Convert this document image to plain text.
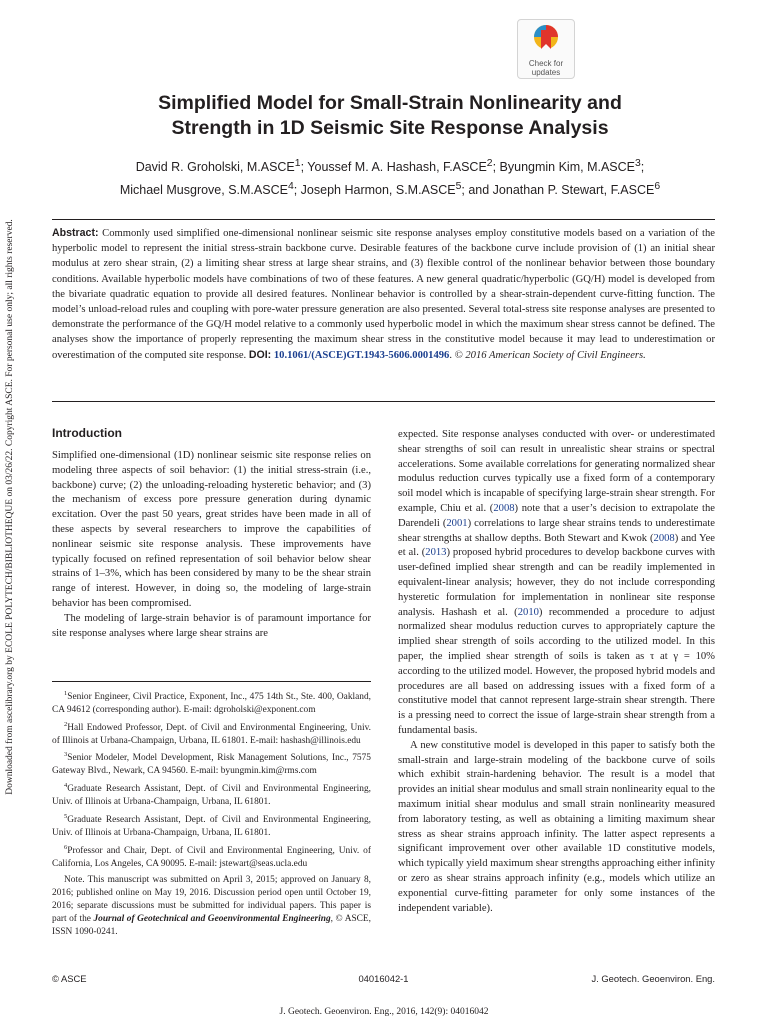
Downloaded from ascelibrary.org by ECOLE POLYTECH/BIBLIOTHEQUE on 03/26/22. Copyright ASCE. For personal use only; all rights reserved.
Check for
updates
Simplified Model for Small-Strain Nonlinearity and
Strength in 1D Seismic Site Response Analysis
David R. Groholski, M.ASCE$^1$; Youssef M. A. Hashash, F.ASCE$^2$; Byungmin Kim, M.ASCE$^3$;
Michael Musgrove, S.M.ASCE$^4$; Joseph Harmon, S.M.ASCE$^5$; and Jonathan P. Stewart, F.ASCE$^6$

Abstract: Commonly used simplified one-dimensional nonlinear seismic site response analyses employ constitutive models based on a variation of the hyperbolic model to represent the initial stress-strain backbone curve. Desirable features of the backbone curve include provision of (1) an initial shear modulus at zero shear strain, (2) a limiting shear stress at large shear strains, and (3) flexible control of the nonlinear behavior between those boundary conditions. Available hyperbolic models have combinations of two of these features. A new general quadratic/hyperbolic (GQ/H) model is developed from the bivariate quadratic equation to provide all desired features. Nonlinear behavior is controlled by a shear-strain-dependent curve-fitting function. The model’s unload-reload rules and coupling with pore-water pressure generation are also presented. Several total-stress site response analyses are presented to demonstrate the performance of the GQ/H model relative to a commonly used hyperbolic model in which the maximum shear stress cannot be defined. The analyses show the importance of properly representing the maximum shear stress in the constitutive model because it may lead to underestimation or overestimation of the computed site response. DOI: 10.1061/(ASCE)GT.1943-5606.0001496. © 2016 American Society of Civil Engineers.

Introduction

Simplified one-dimensional (1D) nonlinear seismic site response relies on modeling three aspects of soil behavior: (1) the initial stress-strain (i.e., backbone) curve; (2) the unloading-reloading hysteretic behavior; and (3) the mechanism of excess pore pressure generation during dynamic excitation. Over the past 50 years, great strides have been made in all of these aspects by several researchers to improve the capabilities of nonlinear seismic site response analysis. These improvements have typically focused on refined representation of soil behavior below shear strains of 1–3%, which has been considered by many to be the shear strain range of interest. However, in doing so, the modeling of large-strain behavior has been compromised.

The modeling of large-strain behavior is of paramount importance for site response analyses where large shear strains are

$^1$Senior Engineer, Civil Practice, Exponent, Inc., 475 14th St., Ste. 400, Oakland, CA 94612 (corresponding author). E-mail: dgroholski@exponent.com

$^2$Hall Endowed Professor, Dept. of Civil and Environmental Engineering, Univ. of Illinois at Urbana-Champaign, Urbana, IL 61801. E-mail: hashash@illinois.edu

$^3$Senior Modeler, Model Development, Risk Management Solutions, Inc., 7575 Gateway Blvd., Newark, CA 94560. E-mail: byungmin.kim@rms.com

$^4$Graduate Research Assistant, Dept. of Civil and Environmental Engineering, Univ. of Illinois at Urbana-Champaign, Urbana, IL 61801.

$^5$Graduate Research Assistant, Dept. of Civil and Environmental Engineering, Univ. of Illinois at Urbana-Champaign, Urbana, IL 61801.

$^6$Professor and Chair, Dept. of Civil and Environmental Engineering, Univ. of California, Los Angeles, CA 90095. E-mail: jstewart@seas.ucla.edu

Note. This manuscript was submitted on April 3, 2015; approved on January 8, 2016; published online on May 19, 2016. Discussion period open until October 19, 2016; separate discussions must be submitted for individual papers. This paper is part of the Journal of Geotechnical and Geoenvironmental Engineering, © ASCE, ISSN 1090-0241.

expected. Site response analyses conducted with over- or underestimated shear strengths of soil can result in unrealistic shear strains or spectral accelerations. Some available correlations for generating normalized shear modulus reduction curves typically use a fixed form of a contemporary soil model which is incapable of specifying large-strain shear strength. For example, Chiu et al. (2008) note that a user’s decision to extrapolate the Darendeli (2001) correlations to large shear strains tends to underestimate shear strengths at shallow depths. Both Stewart and Kwok (2008) and Yee et al. (2013) proposed hybrid procedures to develop backbone curves with user-defined implied shear strength and can be readily implemented in equivalent-linear analysis; however, they do not include corresponding hysteretic formulation for implementation in nonlinear site response analysis. Hashash et al. (2010) recommended a procedure to adjust normalized shear modulus reduction curves to appropriately capture the implied shear strength of soils according to the utilized model. In this paper, the implied shear strength of soils is taken as τ at γ = 10% according to the utilized model. However, the proposed hybrid models and procedures are all based on addressing issues with a fixed form of a constitutive model that cannot represent large-strain shear strength. There is a pressing need to correct the issue of large-strain shear strength from a fundamental basis.

A new constitutive model is developed in this paper to satisfy both the small-strain and large-strain modeling of the backbone curve of soils which exhibit strain-hardening behavior. The result is a model that provides an initial shear modulus and small strain nonlinearity equal to the maximum initial shear modulus and small strain nonlinearity measured from laboratory testing, as well as obtaining a limiting maximum shear stress as shear strains approach infinity. The latter aspect represents a significant improvement over other available 1D constitutive models, which typically yield maximum shear strengths approaching either infinity or zero as shear strains approach infinity (e.g., models which utilize an exponential curve-fitting parameter for only some instances of the independent variable).

© ASCE	04016042-1	J. Geotech. Geoenviron. Eng.
J. Geotech. Geoenviron. Eng., 2016, 142(9): 04016042
